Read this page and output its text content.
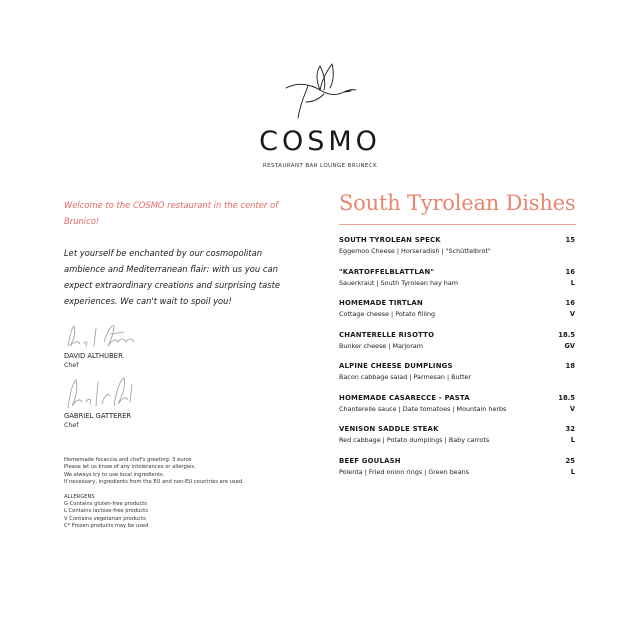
COSMO
RESTAURANT BAR LOUNGE BRUNECK

Welcome to the COSMO restaurant in the center of Brunico!

Let yourself be enchanted by our cosmopolitan ambience and Mediterranean flair: with us you can expect extraordinary creations and surprising taste experiences. We can't wait to spoil you!

DAVID ALTHUBER

Chef

GABRIEL GATTERER

Chef

Homemade focaccia and chef's greeting: 3 euros

Please let us know of any intolerances or allergies.

We always try to use local ingredients.

If necessary, ingredients from the EU and non-EU countries are used.

ALLERGENS

G Contains gluten-free products

L Contains lactose-free products

V Contains vegetarian products

C* Frozen products may be used

South Tyrolean Dishes
SOUTH TYROLEAN SPECK	15
Eggemoo Cheese | Horseradish | "Schüttelbrot"
"KARTOFFELBLATTLAN"	16
Sauerkraut | South Tyrolean hay ham	L
HOMEMADE TIRTLAN	16
Cottage cheese | Potato filling	V
CHANTERELLE RISOTTO	18.5
Bunker cheese | Marjoram	GV
ALPINE CHEESE DUMPLINGS	18
Bacon cabbage salad | Parmesan | Butter
HOMEMADE CASARECCE - PASTA	18.5
Chanterelle sauce | Date tomatoes | Mountain herbs	V
VENISON SADDLE STEAK	32
Red cabbage | Potato dumplings | Baby carrots	L
BEEF GOULASH	25
Polenta | Fried onion rings | Green beans	L
